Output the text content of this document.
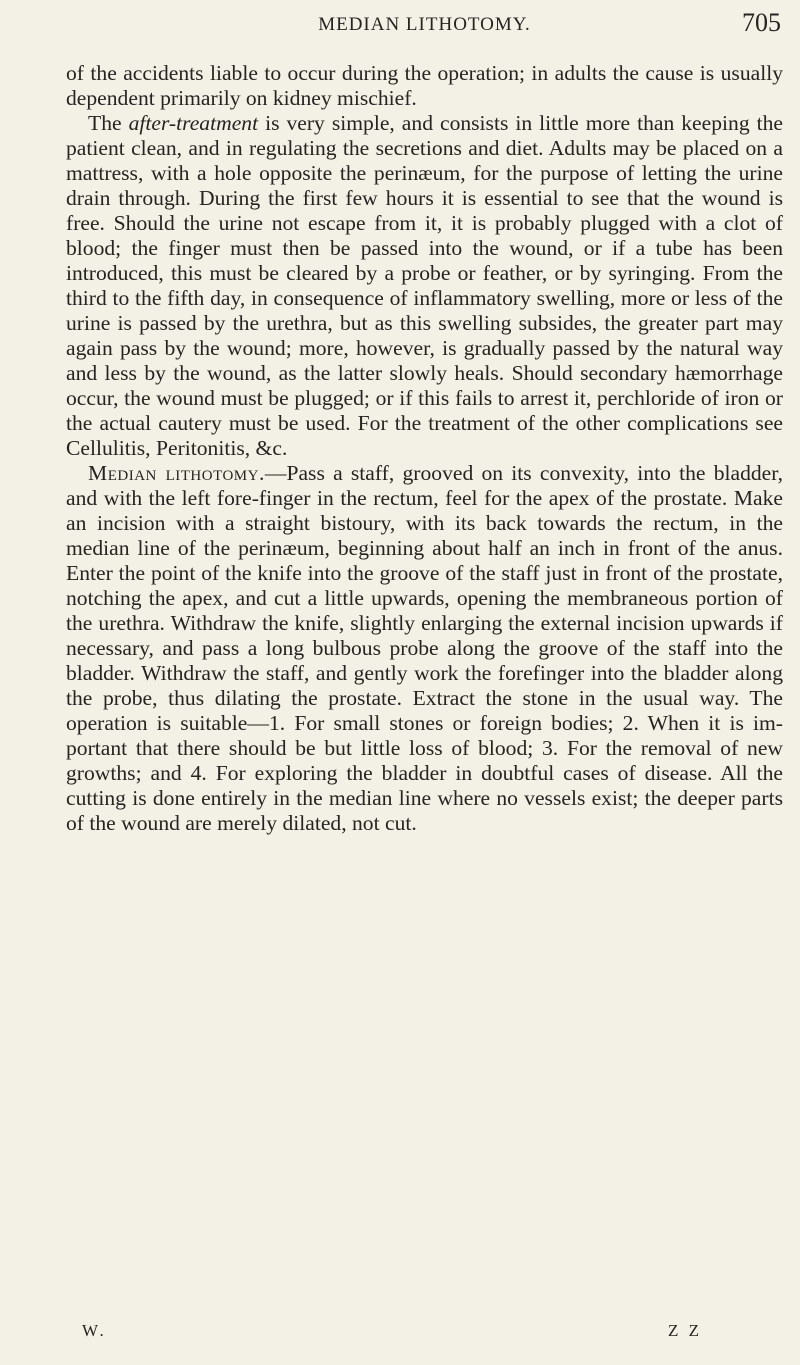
MEDIAN LITHOTOMY.	705

of the accidents liable to occur during the operation; in adults the cause is usually dependent primarily on kidney mischief.

The after-treatment is very simple, and consists in little more than keeping the patient clean, and in regulating the secretions and diet. Adults may be placed on a mattress, with a hole opposite the perinæum, for the purpose of letting the urine drain through. During the first few hours it is essential to see that the wound is free. Should the urine not escape from it, it is probably plugged with a clot of blood; the finger must then be passed into the wound, or if a tube has been introduced, this must be cleared by a probe or feather, or by syringing. From the third to the fifth day, in consequence of inflammatory swelling, more or less of the urine is passed by the urethra, but as this swelling subsides, the greater part may again pass by the wound; more, however, is gradually passed by the natural way and less by the wound, as the latter slowly heals. Should secondary hæmorrhage occur, the wound must be plugged; or if this fails to arrest it, perchloride of iron or the actual cautery must be used. For the treatment of the other complications see Cellulitis, Peritonitis, &c.

Median lithotomy.—Pass a staff, grooved on its convexity, into the bladder, and with the left fore-finger in the rectum, feel for the apex of the prostate. Make an incision with a straight bistoury, with its back towards the rectum, in the median line of the perinæum, beginning about half an inch in front of the anus. Enter the point of the knife into the groove of the staff just in front of the prostate, notching the apex, and cut a little upwards, opening the membraneous portion of the urethra. Withdraw the knife, slightly enlarging the external incision upwards if necessary, and pass a long bulbous probe along the groove of the staff into the bladder. Withdraw the staff, and gently work the forefinger into the bladder along the probe, thus dilating the prostate. Extract the stone in the usual way. The operation is suitable—1. For small stones or foreign bodies; 2. When it is important that there should be but little loss of blood; 3. For the removal of new growths; and 4. For exploring the bladder in doubtful cases of disease. All the cutting is done entirely in the median line where no vessels exist; the deeper parts of the wound are merely dilated, not cut.

W.	Z Z
